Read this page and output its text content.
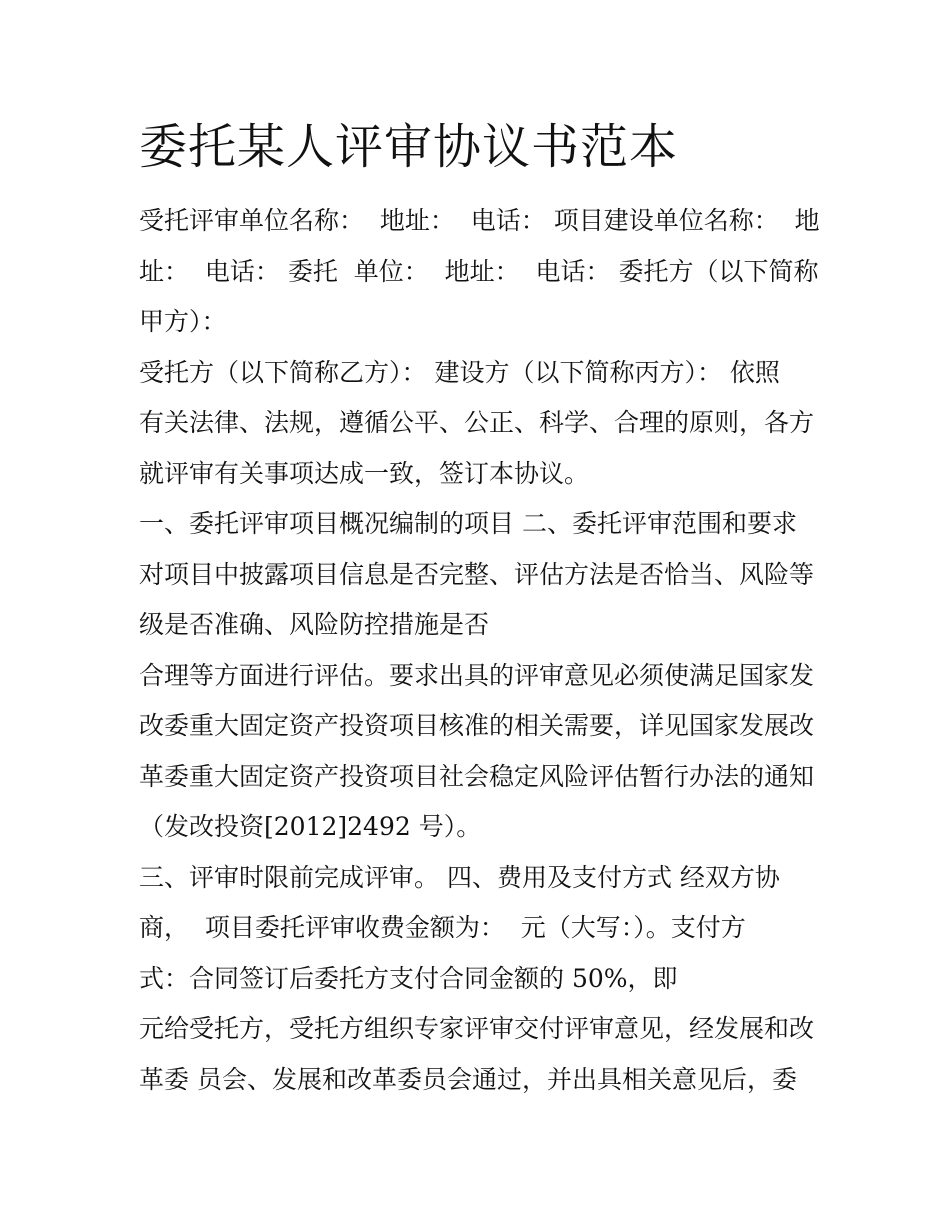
委托某人评审协议书范本
受托评审单位名称：  地址：  电话： 项目建设单位名称：  地
址：  电话： 委托  单位：  地址：  电话： 委托方（以下简称
甲方）：
受托方（以下简称乙方）： 建设方（以下简称丙方）： 依照
有关法律、法规，遵循公平、公正、科学、合理的原则，各方
就评审有关事项达成一致，签订本协议。
一、委托评审项目概况编制的项目 二、委托评审范围和要求
对项目中披露项目信息是否完整、评估方法是否恰当、风险等
级是否准确、风险防控措施是否
合理等方面进行评估。要求出具的评审意见必须使满足国家发
改委重大固定资产投资项目核准的相关需要，详见国家发展改
革委重大固定资产投资项目社会稳定风险评估暂行办法的通知
（发改投资[2012]2492 号）。
三、评审时限前完成评审。 四、费用及支付方式 经双方协
商，  项目委托评审收费金额为：  元（大写：）。支付方
式：合同签订后委托方支付合同金额的 50%，即
元给受托方，受托方组织专家评审交付评审意见，经发展和改
革委 员会、发展和改革委员会通过，并出具相关意见后，委
